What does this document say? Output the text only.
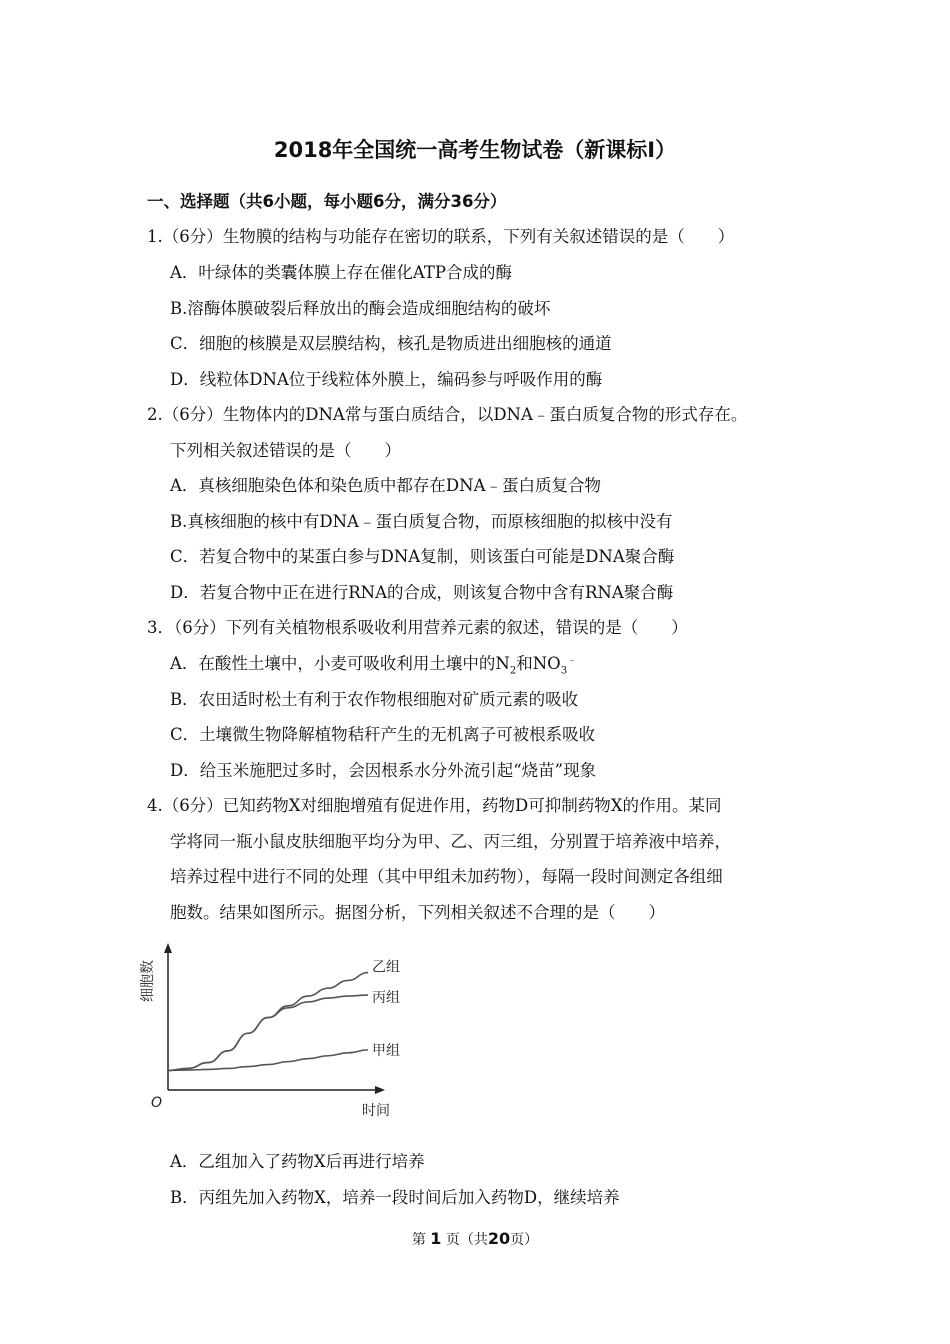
2018年全国统一高考生物试卷（新课标Ⅰ）
一、选择题（共6小题，每小题6分，满分36分）
1.（6分）生物膜的结构与功能存在密切的联系，下列有关叙述错误的是（　　）
A．叶绿体的类囊体膜上存在催化ATP合成的酶
B.溶酶体膜破裂后释放出的酶会造成细胞结构的破坏
C．细胞的核膜是双层膜结构，核孔是物质进出细胞核的通道
D．线粒体DNA位于线粒体外膜上，编码参与呼吸作用的酶
2.（6分）生物体内的DNA常与蛋白质结合，以DNA﹣蛋白质复合物的形式存在。
下列相关叙述错误的是（　　）
A．真核细胞染色体和染色质中都存在DNA﹣蛋白质复合物
B.真核细胞的核中有DNA﹣蛋白质复合物，而原核细胞的拟核中没有
C．若复合物中的某蛋白参与DNA复制，则该蛋白可能是DNA聚合酶
D．若复合物中正在进行RNA的合成，则该复合物中含有RNA聚合酶
3．（6分）下列有关植物根系吸收利用营养元素的叙述，错误的是（　　）
A．在酸性土壤中，小麦可吸收利用土壤中的$N_2$和$NO_3^﹣$
B．农田适时松土有利于农作物根细胞对矿质元素的吸收
C．土壤微生物降解植物秸秆产生的无机离子可被根系吸收
D．给玉米施肥过多时，会因根系水分外流引起“烧苗”现象
4.（6分）已知药物X对细胞增殖有促进作用，药物D可抑制药物X的作用。某同
学将同一瓶小鼠皮肤细胞平均分为甲、乙、丙三组，分别置于培养液中培养，
培养过程中进行不同的处理（其中甲组未加药物），每隔一段时间测定各组细
胞数。结果如图所示。据图分析，下列相关叙述不合理的是（　　）
细胞数
时间
O
乙组
丙组
甲组
A．乙组加入了药物X后再进行培养
B．丙组先加入药物X，培养一段时间后加入药物D，继续培养
第 1 页（共20页）
